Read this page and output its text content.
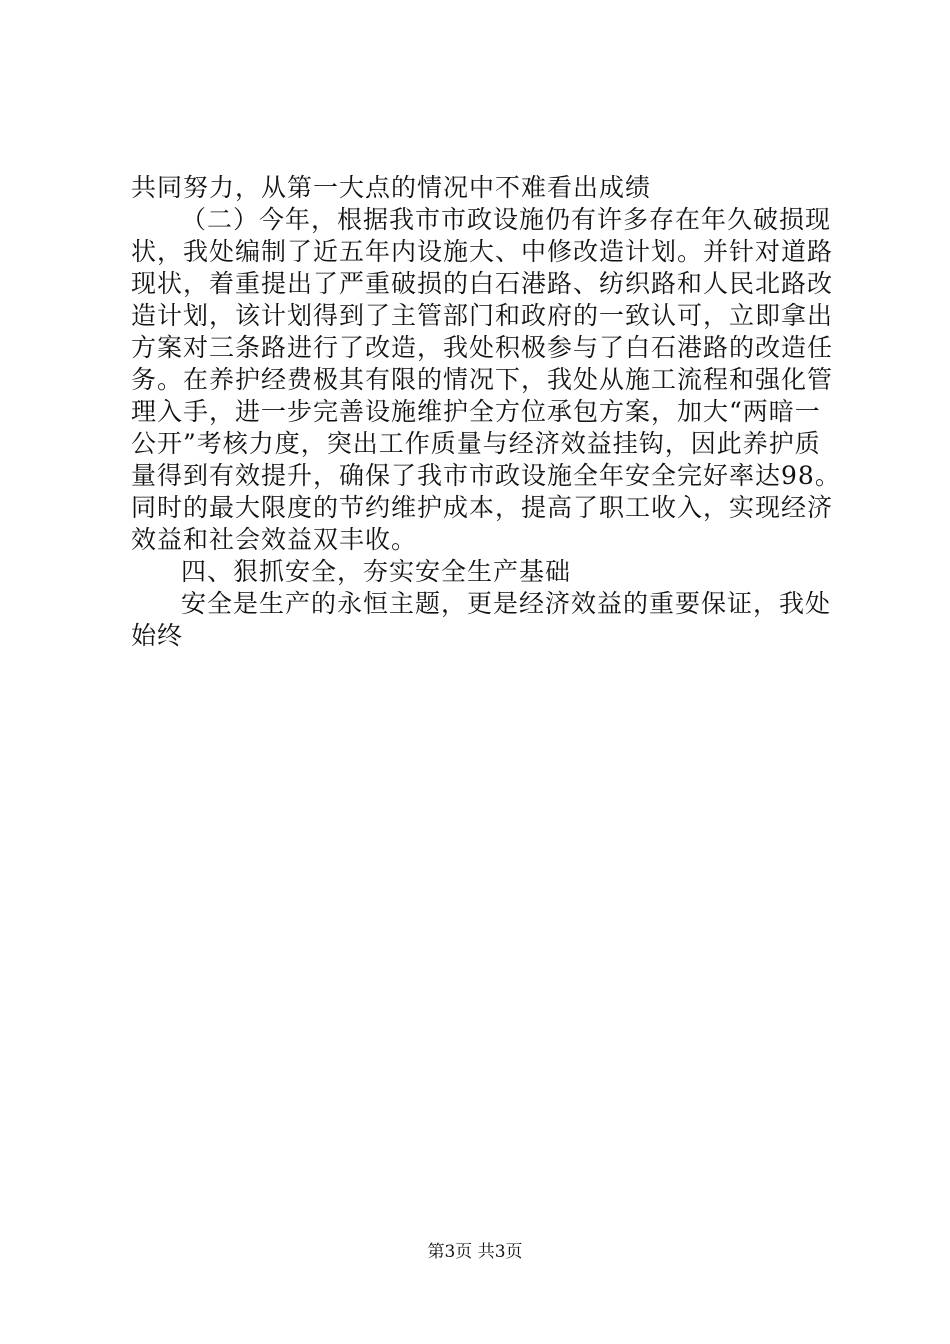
共同努力，从第一大点的情况中不难看出成绩
（二）今年，根据我市市政设施仍有许多存在年久破损现
状，我处编制了近五年内设施大、中修改造计划。并针对道路
现状，着重提出了严重破损的白石港路、纺织路和人民北路改
造计划，该计划得到了主管部门和政府的一致认可，立即拿出
方案对三条路进行了改造，我处积极参与了白石港路的改造任
务。在养护经费极其有限的情况下，我处从施工流程和强化管
理入手，进一步完善设施维护全方位承包方案，加大“两暗一
公开”考核力度，突出工作质量与经济效益挂钩，因此养护质
量得到有效提升，确保了我市市政设施全年安全完好率达98。
同时的最大限度的节约维护成本，提高了职工收入，实现经济
效益和社会效益双丰收。
四、狠抓安全，夯实安全生产基础
安全是生产的永恒主题，更是经济效益的重要保证，我处
始终
第3页 共3页
